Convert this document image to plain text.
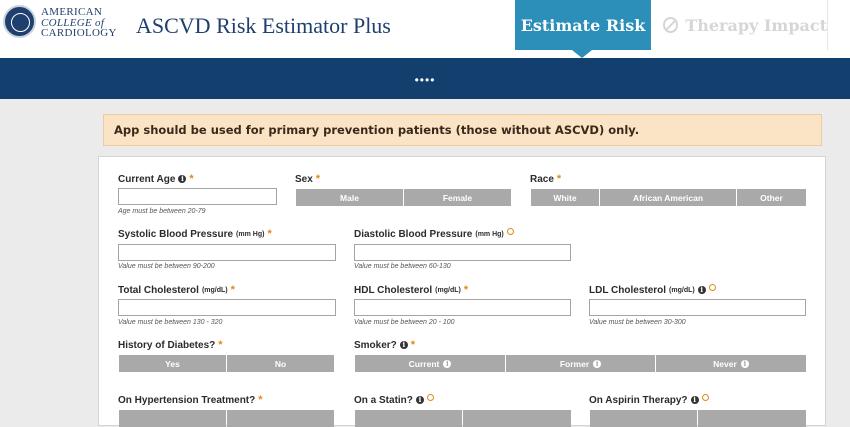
AMERICAN
COLLEGE of
CARDIOLOGY ASCVD Risk Estimator Plus	Estimate Risk	Therapy Impact
••••
App should be used for primary prevention patients (those without ASCVD) only.
Current Age i *
Age must be between 20-79
Sex *
Male	Female
Race *
White	African American	Other
Systolic Blood Pressure (mm Hg) *
Value must be between 90-200
Diastolic Blood Pressure (mm Hg)
Value must be between 60-130
Total Cholesterol (mg/dL) *
Value must be between 130 - 320
HDL Cholesterol (mg/dL) *
Value must be between 20 - 100
LDL Cholesterol (mg/dL) i
Value must be between 30-300
History of Diabetes? *
Yes	No
Smoker? i *
Current i	Former i	Never i
On Hypertension Treatment? *	On a Statin? i	On Aspirin Therapy? i
